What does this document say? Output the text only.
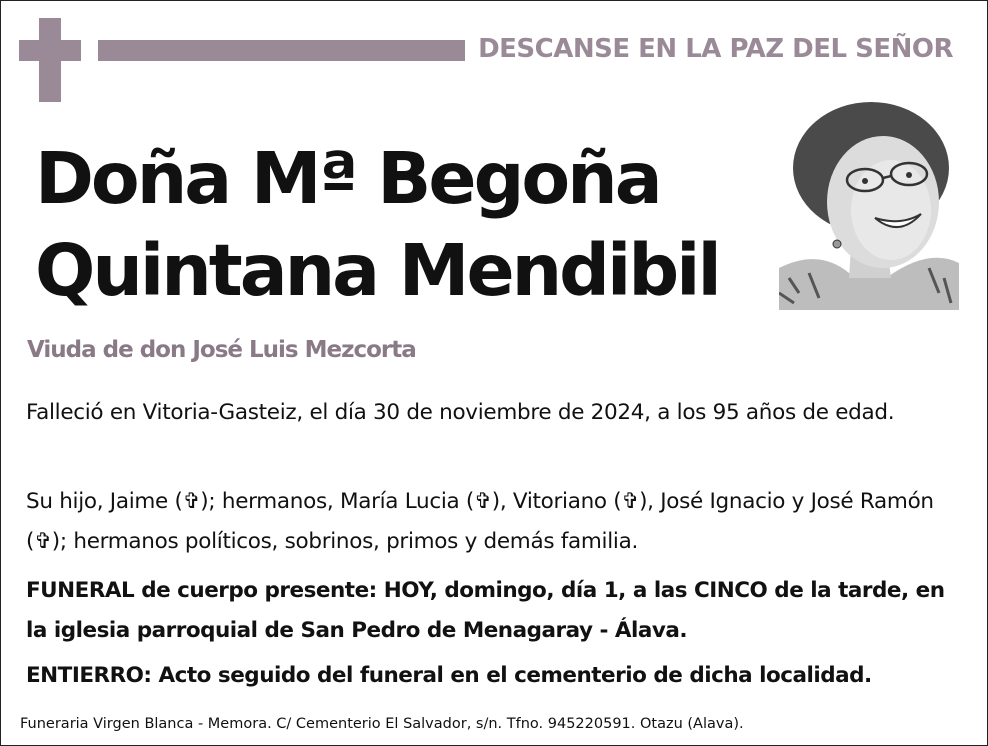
DESCANSE EN LA PAZ DEL SEÑOR
Doña Mª Begoña
Quintana Mendibil
Viuda de don José Luis Mezcorta
Falleció en Vitoria-Gasteiz, el día 30 de noviembre de 2024, a los 95 años de edad.
Su hijo, Jaime (✞); hermanos, María Lucia (✞), Vitoriano (✞), José Ignacio y José Ramón (✞); hermanos políticos, sobrinos, primos y demás familia.
FUNERAL de cuerpo presente: HOY, domingo, día 1, a las CINCO de la tarde, en la iglesia parroquial de San Pedro de Menagaray - Álava.
ENTIERRO: Acto seguido del funeral en el cementerio de dicha localidad.
Funeraria Virgen Blanca - Memora. C/ Cementerio El Salvador, s/n. Tfno. 945220591. Otazu (Alava).
